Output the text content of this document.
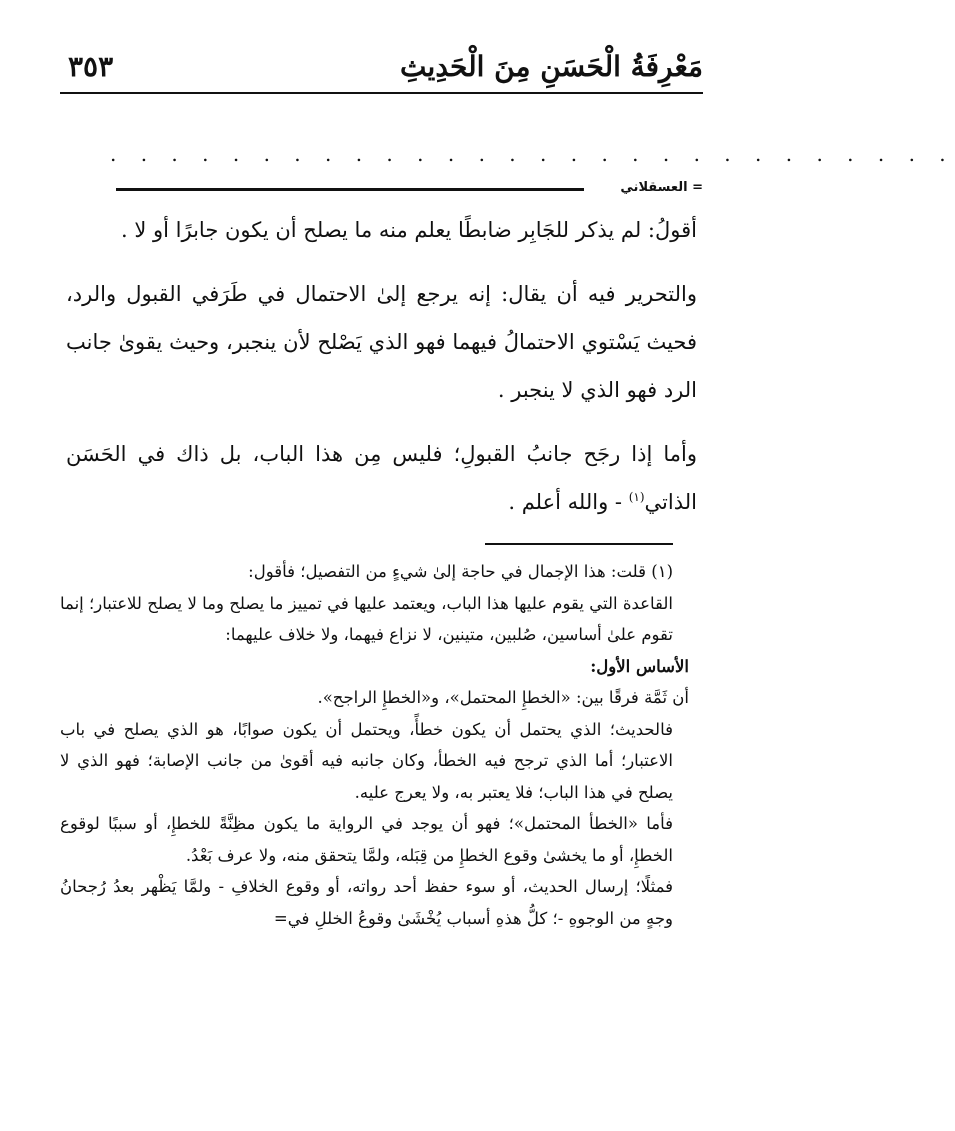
مَعْرِفَةُ الْحَسَنِ مِنَ الْحَدِيثِ
٣٥٣
. . . . . . . . . . . . . . . . . . . . . . . . . . . .
= العسقلاني

أقولُ: لم يذكر للجَابِر ضابطًا يعلم منه ما يصلح أن يكون جابرًا أو لا .

والتحرير فيه أن يقال: إنه يرجع إلىٰ الاحتمال في طَرَفي القبول والرد، فحيث يَسْتوي الاحتمالُ فيهما فهو الذي يَصْلح لأن ينجبر، وحيث يقوىٰ جانب الرد فهو الذي لا ينجبر .

وأما إذا رجَح جانبُ القبولِ؛ فليس مِن هذا الباب، بل ذاك في الحَسَن الذاتي$^{(١)}$ - والله أعلم .

(١) قلت: هذا الإجمال في حاجة إلىٰ شيءٍ من التفصيل؛ فأقول:

القاعدة التي يقوم عليها هذا الباب، ويعتمد عليها في تمييز ما يصلح وما لا يصلح للاعتبار؛ إنما تقوم علىٰ أساسين، صُلبين، متينين، لا نزاع فيهما، ولا خلاف عليهما:

الأساس الأول:

أن ثَمَّة فرقًا بين: «الخطإِ المحتمل»، و«الخطإِ الراجح».

فالحديث؛ الذي يحتمل أن يكون خطأً، ويحتمل أن يكون صوابًا، هو الذي يصلح في باب الاعتبار؛ أما الذي ترجح فيه الخطأ، وكان جانبه فيه أقوىٰ من جانب الإصابة؛ فهو الذي لا يصلح في هذا الباب؛ فلا يعتبر به، ولا يعرج عليه.

فأما «الخطأ المحتمل»؛ فهو أن يوجد في الرواية ما يكون مظِنَّةً للخطإِ، أو سببًا لوقوع الخطإِ، أو ما يخشىٰ وقوع الخطإِ من قِبَله، ولمَّا يتحقق منه، ولا عرف بَعْدُ.

فمثلًا؛ إرسال الحديث، أو سوء حفظ أحد رواته، أو وقوع الخلافِ - ولمَّا يَظْهر بعدُ رُجحانُ وجهٍ من الوجوهِ -؛ كلُّ هذهِ أسباب يُخْشَىٰ وقوعُ الخللِ في=
